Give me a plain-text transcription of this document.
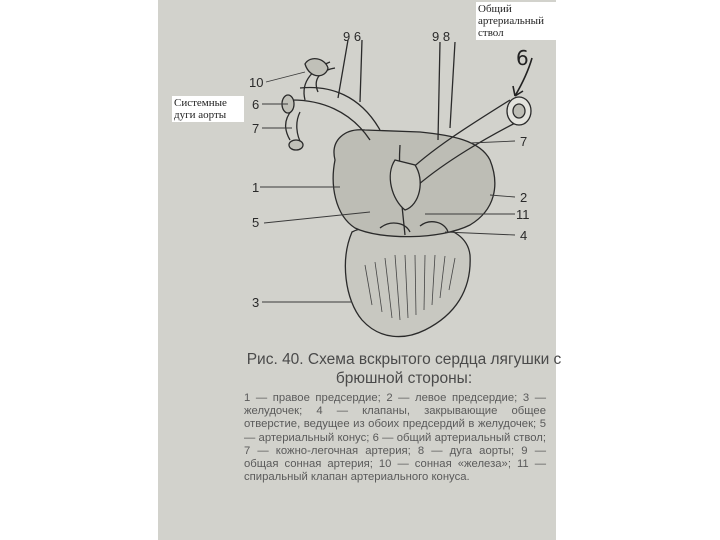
10
6
7
9 6	9 8
1
5
3
7
2
11
4
Системные дуги аорты
Общий артериальный ствол
6
Рис. 40. Схема вскрытого сердца лягушки с брюшной стороны:
1 — правое предсердие; 2 — левое предсердие; 3 — желудочек; 4 — клапаны, закрывающие общее отверстие, ведущее из обоих предсердий в желудочек; 5 — артериальный конус; 6 — общий артериальный ствол; 7 — кожно-легочная артерия; 8 — дуга аорты; 9 — общая сонная артерия; 10 — сонная «железа»; 11 — спиральный клапан артериального конуса.
